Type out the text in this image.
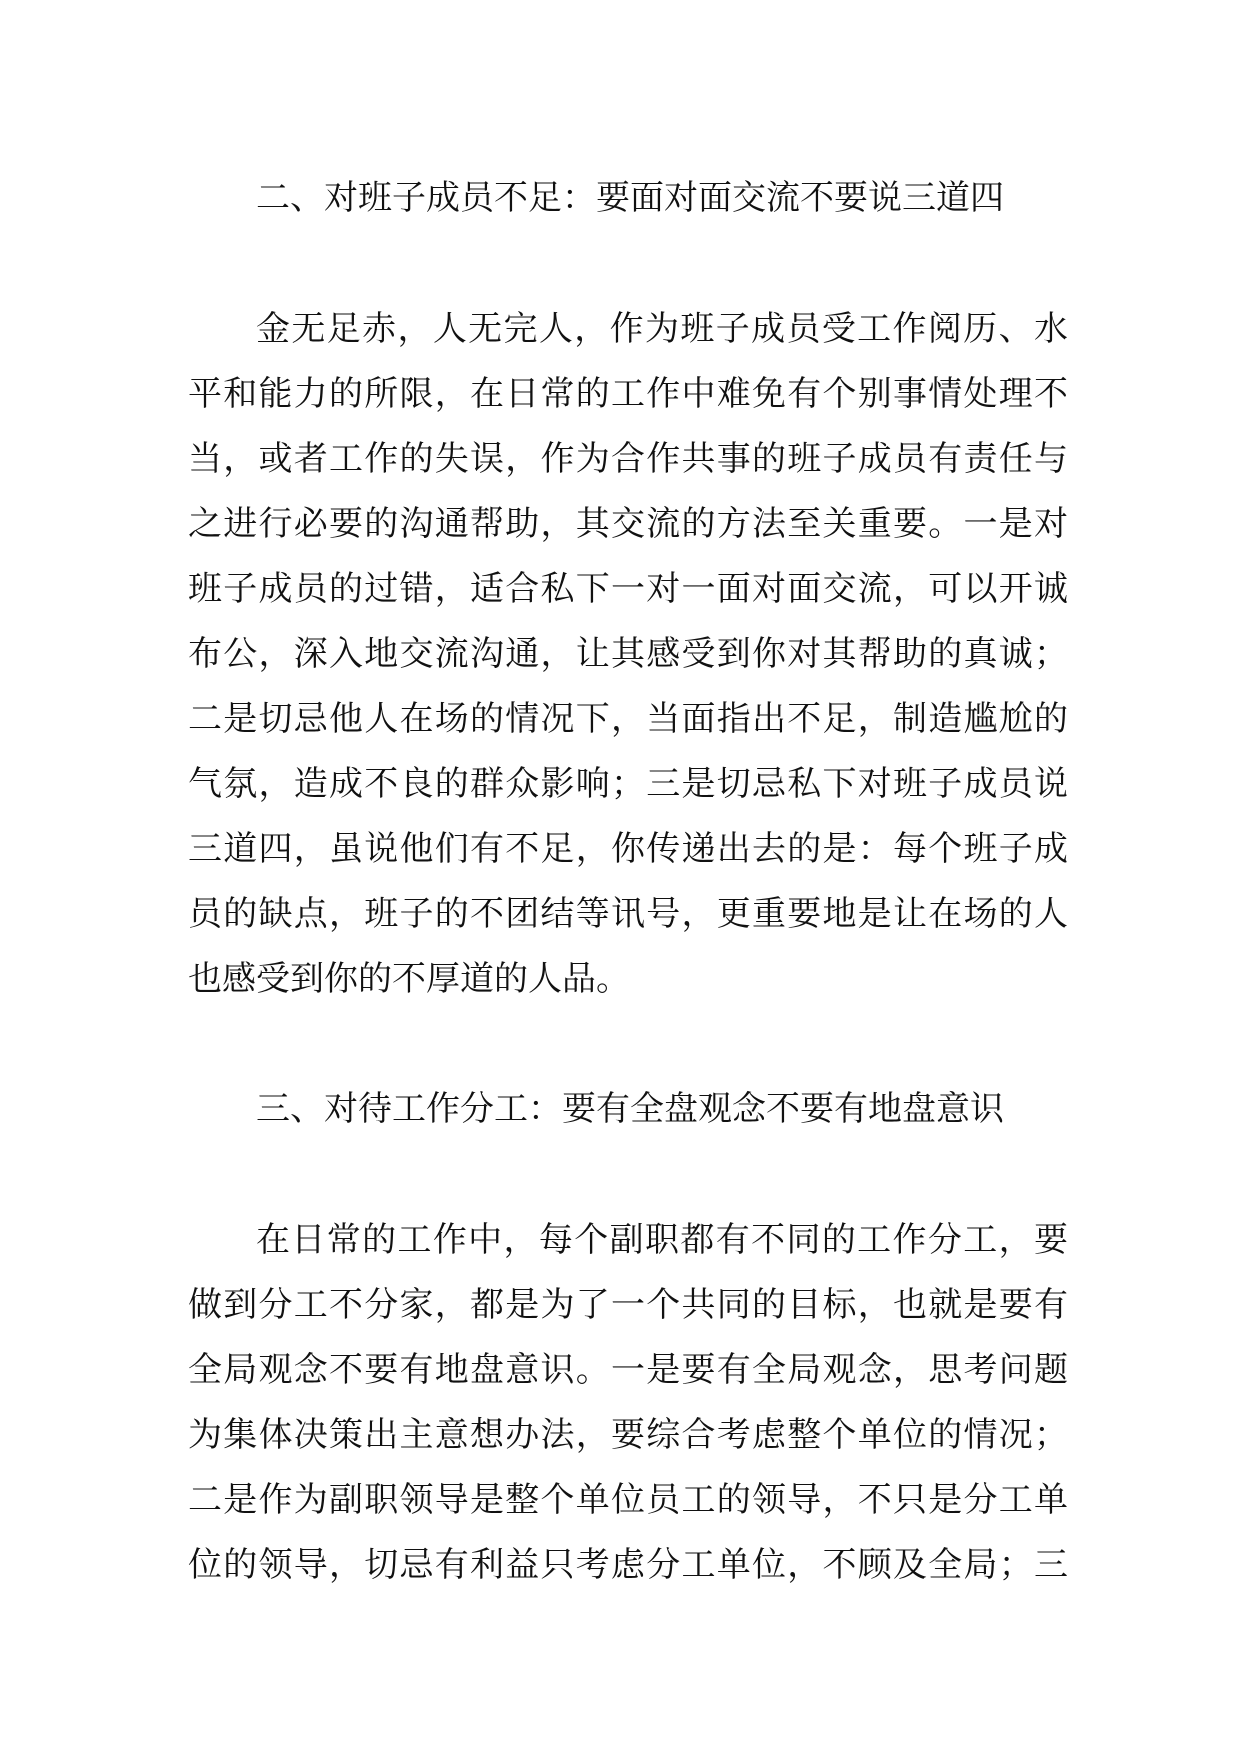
二、对班子成员不足：要面对面交流不要说三道四
金无足赤，人无完人，作为班子成员受工作阅历、水
平和能力的所限，在日常的工作中难免有个别事情处理不
当，或者工作的失误，作为合作共事的班子成员有责任与
之进行必要的沟通帮助，其交流的方法至关重要。一是对
班子成员的过错，适合私下一对一面对面交流，可以开诚
布公，深入地交流沟通，让其感受到你对其帮助的真诚；
二是切忌他人在场的情况下，当面指出不足，制造尴尬的
气氛，造成不良的群众影响；三是切忌私下对班子成员说
三道四，虽说他们有不足，你传递出去的是：每个班子成
员的缺点，班子的不团结等讯号，更重要地是让在场的人
也感受到你的不厚道的人品。
三、对待工作分工：要有全盘观念不要有地盘意识
在日常的工作中，每个副职都有不同的工作分工，要
做到分工不分家，都是为了一个共同的目标，也就是要有
全局观念不要有地盘意识。一是要有全局观念，思考问题
为集体决策出主意想办法，要综合考虑整个单位的情况；
二是作为副职领导是整个单位员工的领导，不只是分工单
位的领导，切忌有利益只考虑分工单位，不顾及全局；三
